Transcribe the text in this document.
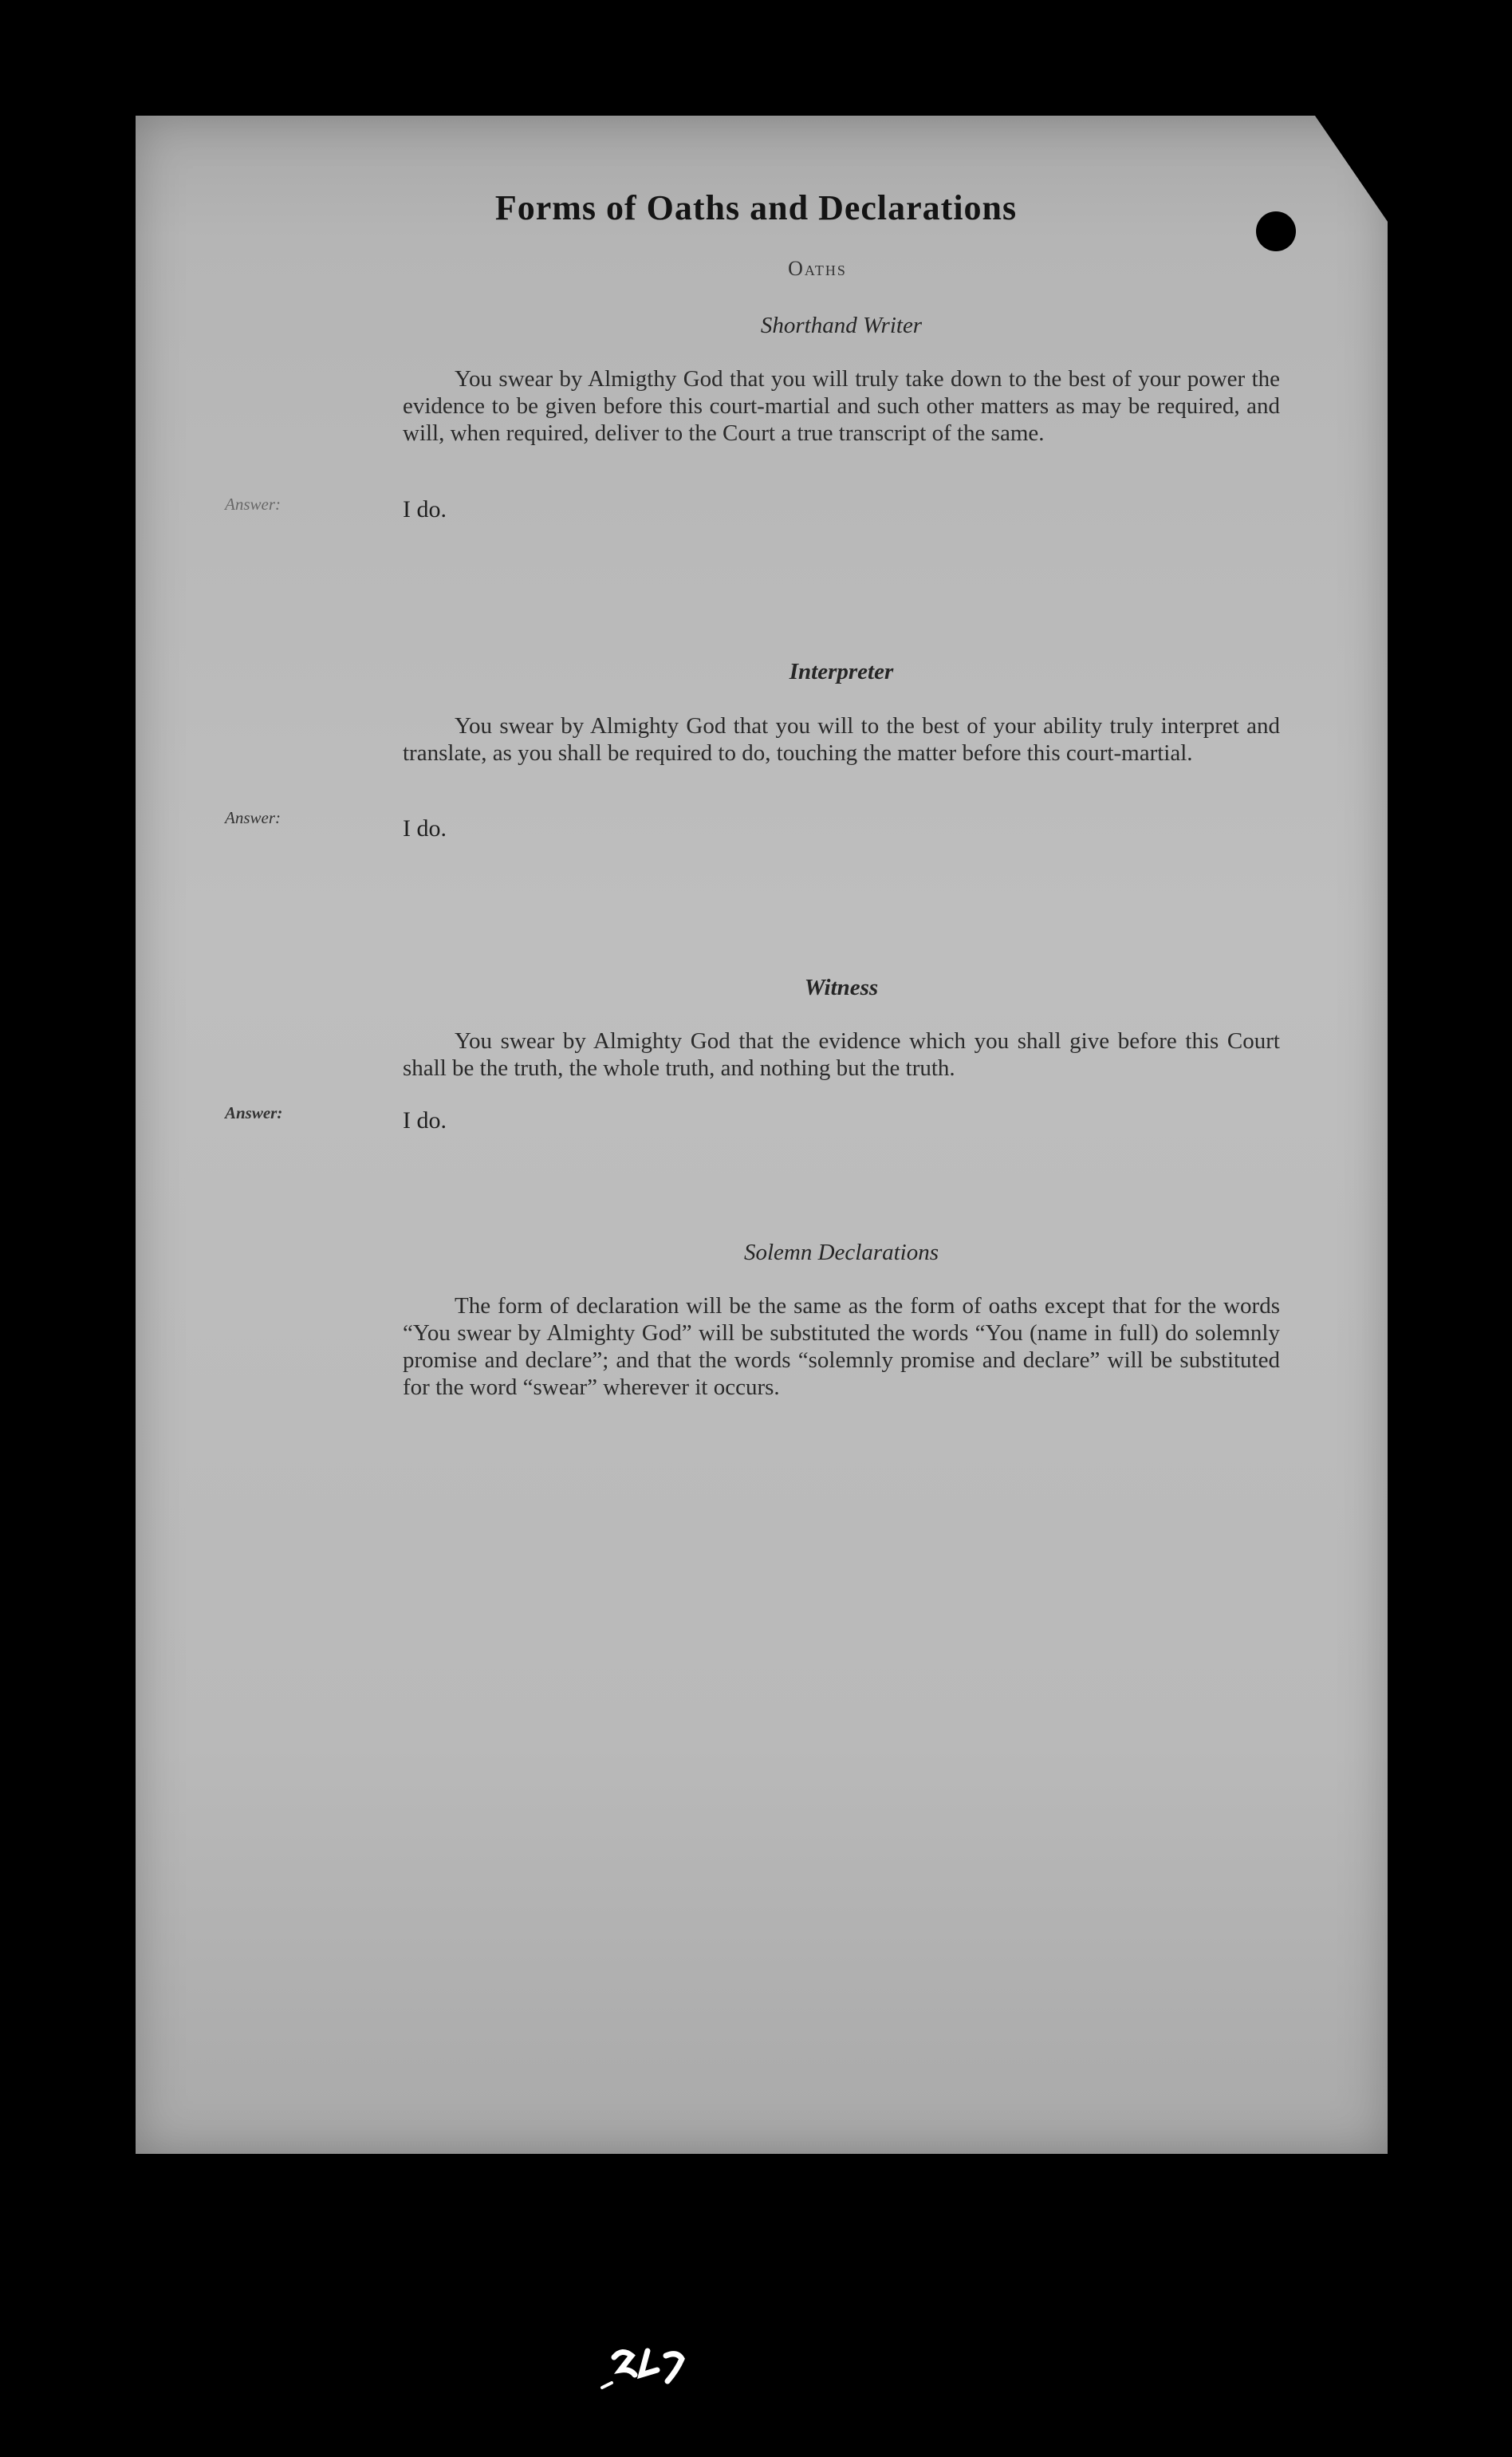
Forms of Oaths and Declarations
Oaths
Shorthand Writer

You swear by Almigthy God that you will truly take down to the best of your power the evidence to be given before this court-martial and such other matters as may be required, and will, when required, deliver to the Court a true transcript of the same.

Answer:	I do.
Interpreter

You swear by Almighty God that you will to the best of your ability truly interpret and translate, as you shall be required to do, touching the matter before this court-martial.

Answer:	I do.
Witness

You swear by Almighty God that the evidence which you shall give before this Court shall be the truth, the whole truth, and nothing but the truth.

Answer:	I do.
Solemn Declarations

The form of declaration will be the same as the form of oaths except that for the words “You swear by Almighty God” will be substituted the words “You (name in full) do solemnly promise and declare”; and that the words “solemnly promise and declare” will be substituted for the word “swear” wherever it occurs.
